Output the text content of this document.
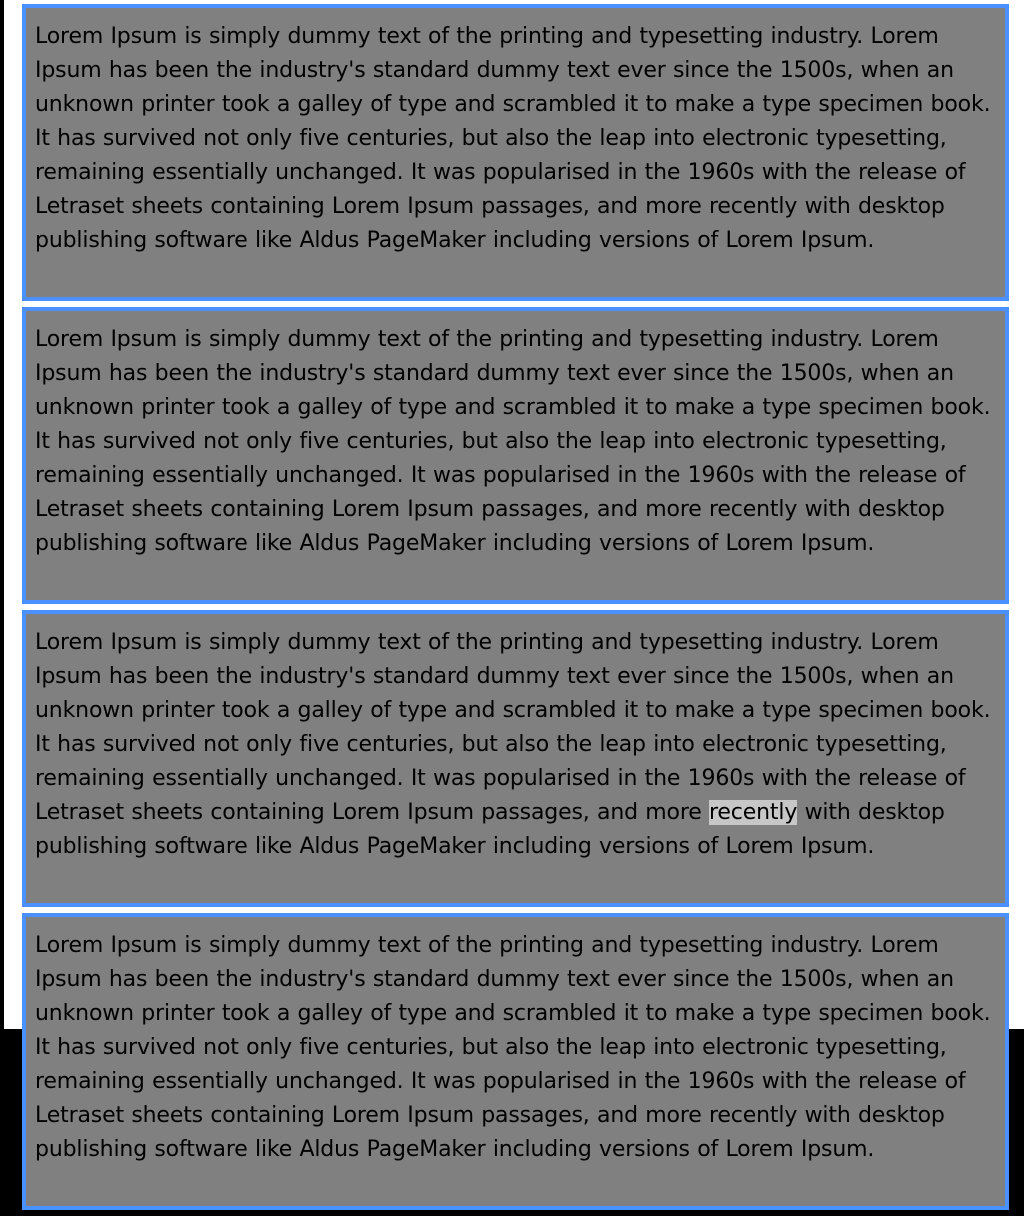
Lorem Ipsum is simply dummy text of the printing and typesetting industry. Lorem Ipsum has been the industry's standard dummy text ever since the 1500s, when an unknown printer took a galley of type and scrambled it to make a type specimen book. It has survived not only five centuries, but also the leap into electronic typesetting, remaining essentially unchanged. It was popularised in the 1960s with the release of Letraset sheets containing Lorem Ipsum passages, and more recently with desktop publishing software like Aldus PageMaker including versions of Lorem Ipsum.

Lorem Ipsum is simply dummy text of the printing and typesetting industry. Lorem Ipsum has been the industry's standard dummy text ever since the 1500s, when an unknown printer took a galley of type and scrambled it to make a type specimen book. It has survived not only five centuries, but also the leap into electronic typesetting, remaining essentially unchanged. It was popularised in the 1960s with the release of Letraset sheets containing Lorem Ipsum passages, and more recently with desktop publishing software like Aldus PageMaker including versions of Lorem Ipsum.

Lorem Ipsum is simply dummy text of the printing and typesetting industry. Lorem Ipsum has been the industry's standard dummy text ever since the 1500s, when an unknown printer took a galley of type and scrambled it to make a type specimen book. It has survived not only five centuries, but also the leap into electronic typesetting, remaining essentially unchanged. It was popularised in the 1960s with the release of Letraset sheets containing Lorem Ipsum passages, and more recently with desktop publishing software like Aldus PageMaker including versions of Lorem Ipsum.

Lorem Ipsum is simply dummy text of the printing and typesetting industry. Lorem Ipsum has been the industry's standard dummy text ever since the 1500s, when an unknown printer took a galley of type and scrambled it to make a type specimen book. It has survived not only five centuries, but also the leap into electronic typesetting, remaining essentially unchanged. It was popularised in the 1960s with the release of Letraset sheets containing Lorem Ipsum passages, and more recently with desktop publishing software like Aldus PageMaker including versions of Lorem Ipsum.
